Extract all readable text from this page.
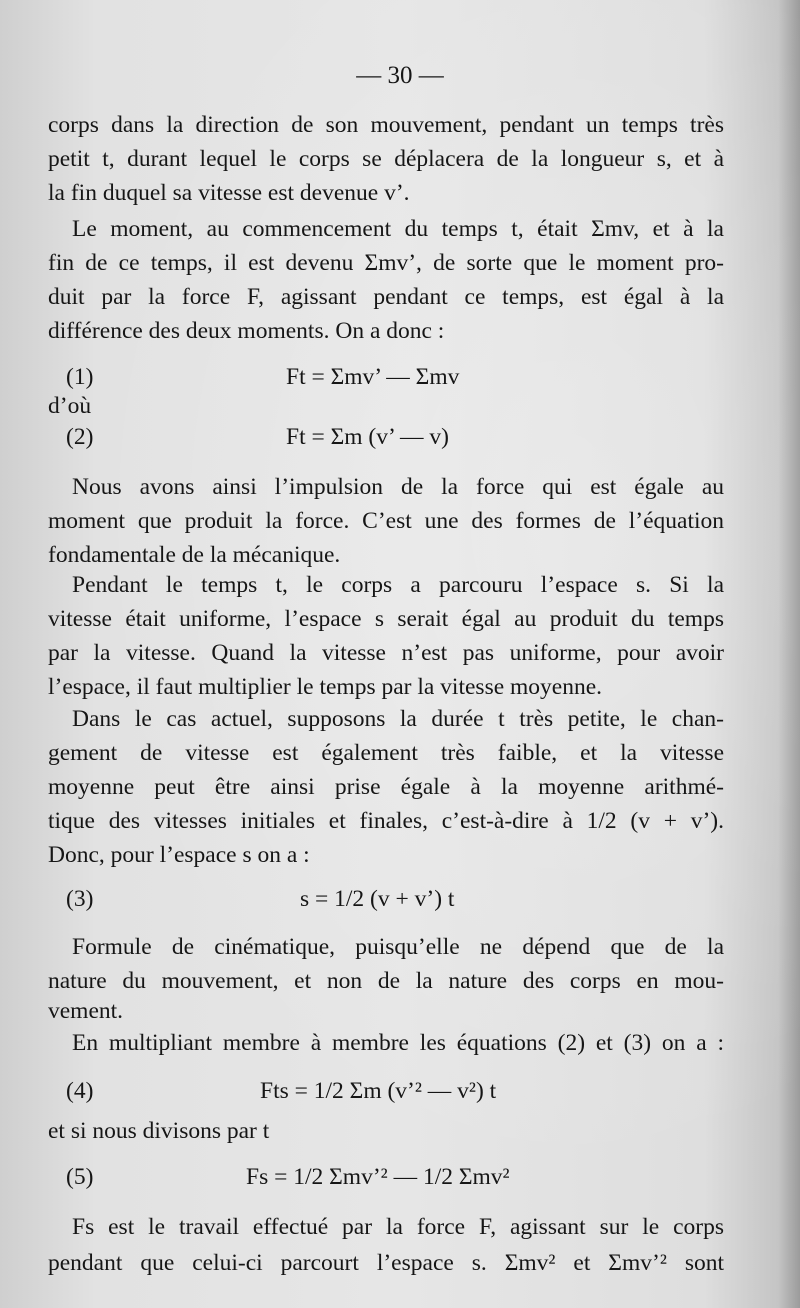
— 30 —
corps dans la direction de son mouvement, pendant un temps très
petit t, durant lequel le corps se déplacera de la longueur s, et à
la fin duquel sa vitesse est devenue v’.
Le moment, au commencement du temps t, était Σmv, et à la
fin de ce temps, il est devenu Σmv’, de sorte que le moment pro-
duit par la force F, agissant pendant ce temps, est égal à la
différence des deux moments. On a donc :
(1)	Ft = Σmv’ — Σmv
d’où
(2)	Ft = Σm (v’ — v)
Nous avons ainsi l’impulsion de la force qui est égale au
moment que produit la force. C’est une des formes de l’équation
fondamentale de la mécanique.
Pendant le temps t, le corps a parcouru l’espace s. Si la
vitesse était uniforme, l’espace s serait égal au produit du temps
par la vitesse. Quand la vitesse n’est pas uniforme, pour avoir
l’espace, il faut multiplier le temps par la vitesse moyenne.
Dans le cas actuel, supposons la durée t très petite, le chan-
gement de vitesse est également très faible, et la vitesse
moyenne peut être ainsi prise égale à la moyenne arithmé-
tique des vitesses initiales et finales, c’est-à-dire à 1/2 (v + v’).
Donc, pour l’espace s on a :
(3)	s = 1/2 (v + v’) t
Formule de cinématique, puisqu’elle ne dépend que de la
nature du mouvement, et non de la nature des corps en mou-
vement.
En multipliant membre à membre les équations (2) et (3) on a :
(4)	Fts = 1/2 Σm (v’² — v²) t
et si nous divisons par t
(5)	Fs = 1/2 Σmv’² — 1/2 Σmv²
Fs est le travail effectué par la force F, agissant sur le corps
pendant que celui-ci parcourt l’espace s. Σmv² et Σmv’² sont
